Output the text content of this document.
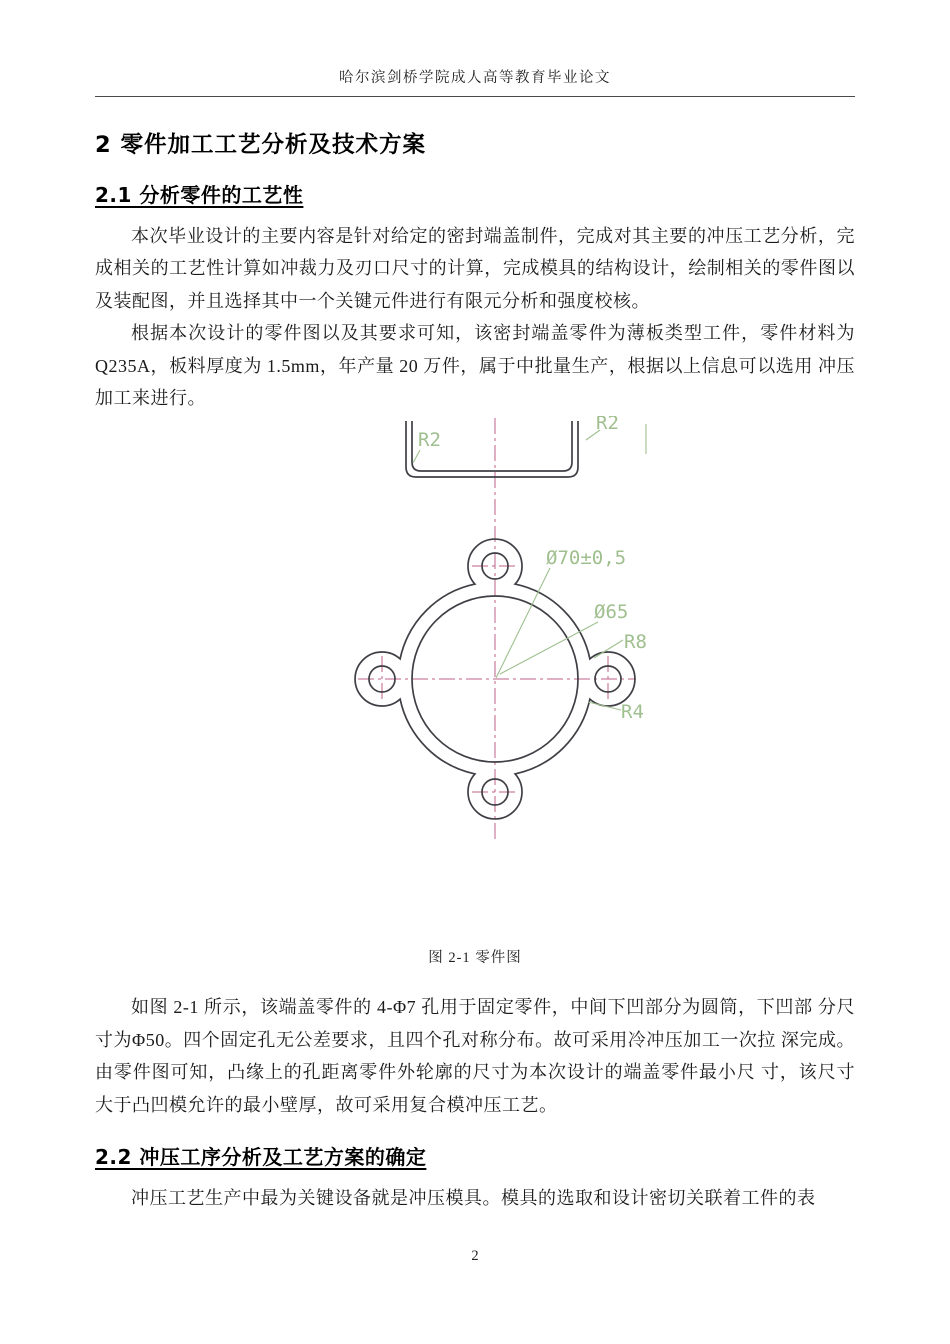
哈尔滨剑桥学院成人高等教育毕业论文
2 零件加工工艺分析及技术方案
2.1 分析零件的工艺性

本次毕业设计的主要内容是针对给定的密封端盖制件，完成对其主要的冲压工艺分析，完成相关的工艺性计算如冲裁力及刃口尺寸的计算，完成模具的结构设计，绘制相关的零件图以及装配图，并且选择其中一个关键元件进行有限元分析和强度校核。

根据本次设计的零件图以及其要求可知，该密封端盖零件为薄板类型工件，零件材料为 Q235A，板料厚度为 1.5mm，年产量 20 万件，属于中批量生产，根据以上信息可以选用 冲压加工来进行。

Ø70±0,5
Ø65
R8
R4
R2
R2
图 2-1 零件图

如图 2-1 所示，该端盖零件的 4-Φ7 孔用于固定零件，中间下凹部分为圆筒，下凹部 分尺寸为Φ50。四个固定孔无公差要求，且四个孔对称分布。故可采用冷冲压加工一次拉 深完成。由零件图可知，凸缘上的孔距离零件外轮廓的尺寸为本次设计的端盖零件最小尺 寸，该尺寸大于凸凹模允许的最小壁厚，故可采用复合模冲压工艺。

2.2 冲压工序分析及工艺方案的确定

冲压工艺生产中最为关键设备就是冲压模具。模具的选取和设计密切关联着工件的表

2
